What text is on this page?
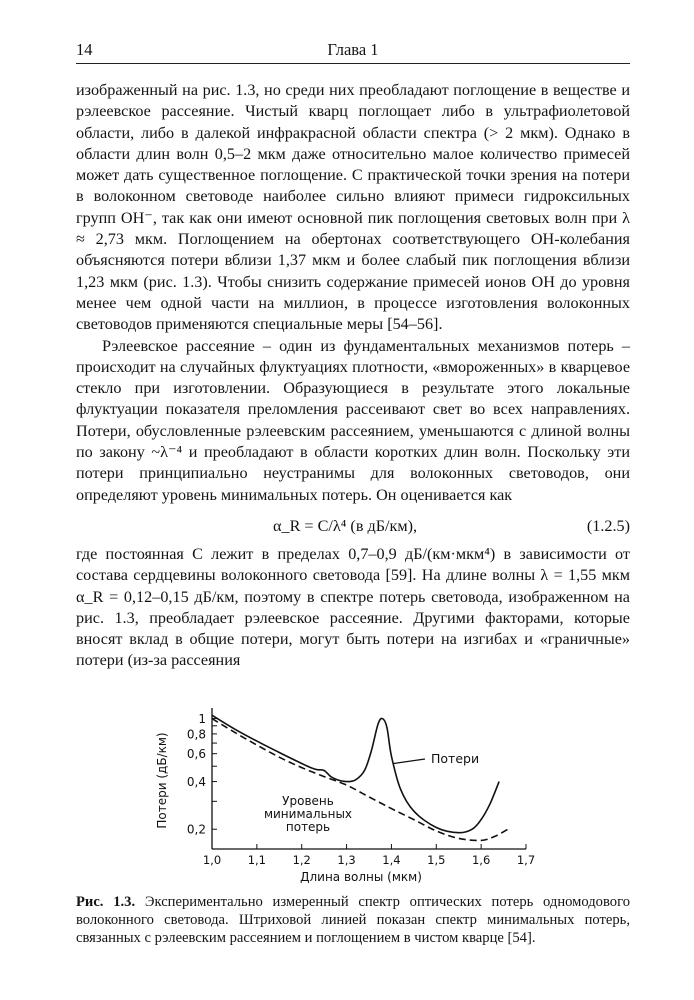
14	Глава 1

изображенный на рис. 1.3, но среди них преобладают поглощение в веществе и рэлеевское рассеяние. Чистый кварц поглощает либо в ультрафиолетовой области, либо в далекой инфракрасной области спектра (> 2 мкм). Однако в области длин волн 0,5–2 мкм даже относительно малое количество примесей может дать существенное поглощение. С практической точки зрения на потери в волоконном световоде наиболее сильно влияют примеси гидроксильных групп OH⁻, так как они имеют основной пик поглощения световых волн при λ ≈ 2,73 мкм. Поглощением на обертонах соответствующего OH-колебания объясняются потери вблизи 1,37 мкм и более слабый пик поглощения вблизи 1,23 мкм (рис. 1.3). Чтобы снизить содержание примесей ионов OH до уровня менее чем одной части на миллион, в процессе изготовления волоконных световодов применяются специальные меры [54–56].

Рэлеевское рассеяние – один из фундаментальных механизмов потерь – происходит на случайных флуктуациях плотности, «вмороженных» в кварцевое стекло при изготовлении. Образующиеся в результате этого локальные флуктуации показателя преломления рассеивают свет во всех направлениях. Потери, обусловленные рэлеевским рассеянием, уменьшаются с длиной волны по закону ~λ⁻⁴ и преобладают в области коротких длин волн. Поскольку эти потери принципиально неустранимы для волоконных световодов, они определяют уровень минимальных потерь. Он оценивается как

α_R = C/λ⁴ (в дБ/км),	(1.2.5)

где постоянная C лежит в пределах 0,7–0,9 дБ/(км·мкм⁴) в зависимости от состава сердцевины волоконного световода [59]. На длине волны λ = 1,55 мкм α_R = 0,12–0,15 дБ/км, поэтому в спектре потерь световода, изображенном на рис. 1.3, преобладает рэлеевское рассеяние. Другими факторами, которые вносят вклад в общие потери, могут быть потери на изгибах и «граничные» потери (из-за рассеяния

1
0,8
0,6
0,4
0,2
1,0 1,1 1,2 1,3 1,4 1,5 1,6 1,7
Длина волны (мкм)
Потери (дБ/км)	Потери
Уровень
минимальных
потерь
Рис. 1.3. Экспериментально измеренный спектр оптических потерь одномодового волоконного световода. Штриховой линией показан спектр минимальных потерь, связанных с рэлеевским рассеянием и поглощением в чистом кварце [54].
